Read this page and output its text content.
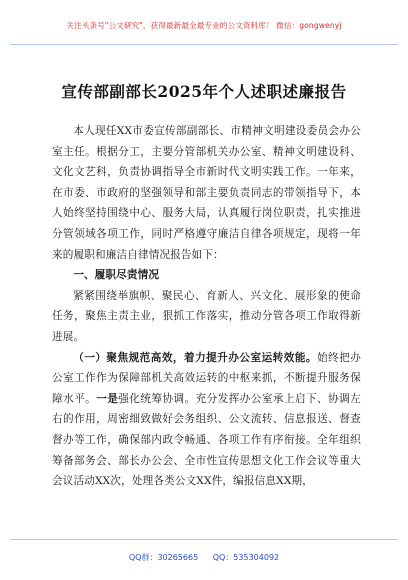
关注头条号"公文研究"，获得最新最全最专业的公文资料库！ 微信：gongwenyj
宣传部副部长2025年个人述职述廉报告

本人现任XX市委宣传部副部长、市精神文明建设委员会办公室主任。根据分工，主要分管部机关办公室、精神文明建设科、文化文艺科，负责协调指导全市新时代文明实践工作。一年来，在市委、市政府的坚强领导和部主要负责同志的带领指导下，本人始终坚持围绕中心、服务大局，认真履行岗位职责，扎实推进分管领域各项工作，同时严格遵守廉洁自律各项规定，现将一年来的履职和廉洁自律情况报告如下：

一、履职尽责情况

紧紧围绕举旗帜、聚民心、育新人、兴文化、展形象的使命任务，聚焦主责主业，狠抓工作落实，推动分管各项工作取得新进展。

（一）聚焦规范高效，着力提升办公室运转效能。始终把办公室工作作为保障部机关高效运转的中枢来抓，不断提升服务保障水平。一是强化统筹协调。充分发挥办公室承上启下、协调左右的作用，周密细致做好会务组织、公文流转、信息报送、督查督办等工作，确保部内政令畅通、各项工作有序衔接。全年组织筹备部务会、部长办公会、全市性宣传思想文化工作会议等重大会议活动XX次，处理各类公文XX件，编报信息XX期，

QQ群：30265665 QQ：535304092
